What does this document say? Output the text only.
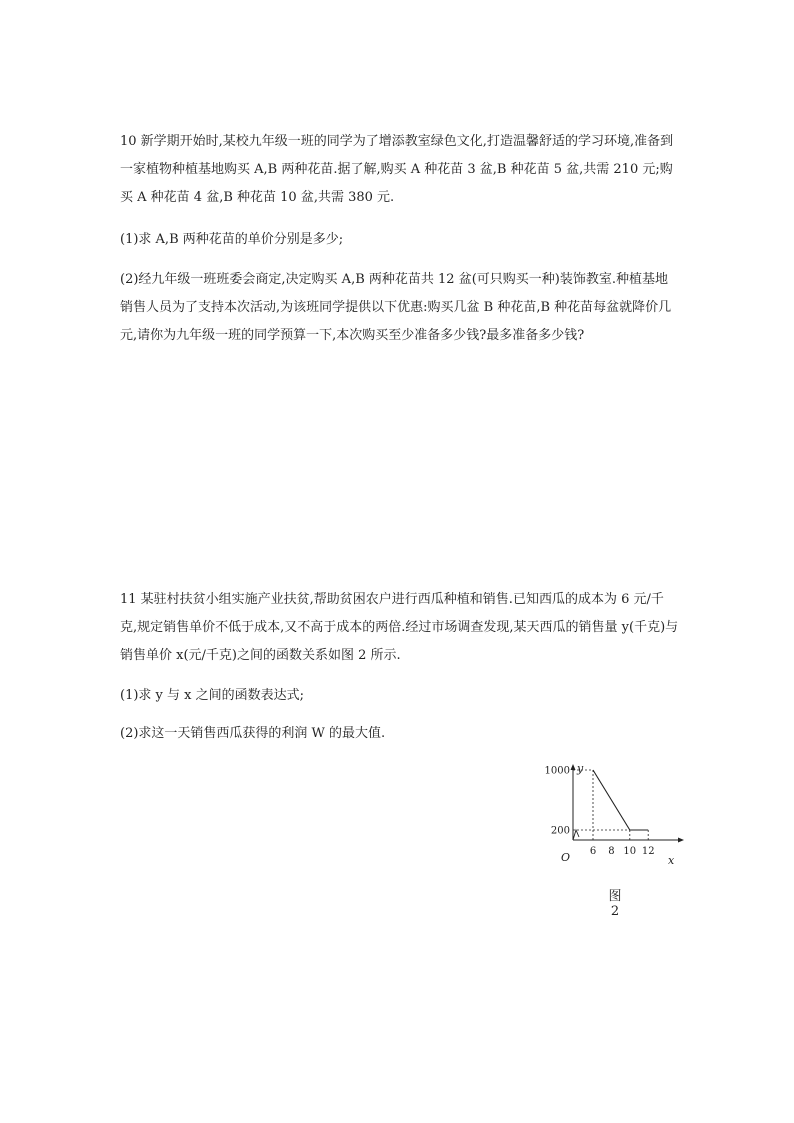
10 新学期开始时,某校九年级一班的同学为了增添教室绿色文化,打造温馨舒适的学习环境,准备到一家植物种植基地购买 A,B 两种花苗.据了解,购买 A 种花苗 3 盆,B 种花苗 5 盆,共需 210 元;购买 A 种花苗 4 盆,B 种花苗 10 盆,共需 380 元.

(1)求 A,B 两种花苗的单价分别是多少;

(2)经九年级一班班委会商定,决定购买 A,B 两种花苗共 12 盆(可只购买一种)装饰教室.种植基地销售人员为了支持本次活动,为该班同学提供以下优惠:购买几盆 B 种花苗,B 种花苗每盆就降价几元,请你为九年级一班的同学预算一下,本次购买至少准备多少钱?最多准备多少钱?

11 某驻村扶贫小组实施产业扶贫,帮助贫困农户进行西瓜种植和销售.已知西瓜的成本为 6 元/千克,规定销售单价不低于成本,又不高于成本的两倍.经过市场调查发现,某天西瓜的销售量 y(千克)与销售单价 x(元/千克)之间的函数关系如图 2 所示.

(1)求 y 与 x 之间的函数表达式;

(2)求这一天销售西瓜获得的利润 W 的最大值.

y
x
O 6 8 10 12
200
1000
图 2
